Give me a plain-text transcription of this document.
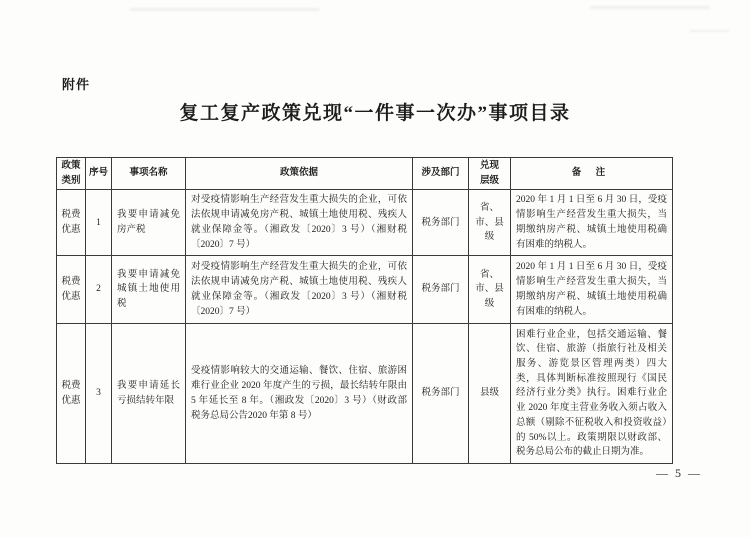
附件
复工复产政策兑现“一件事一次办”事项目录
政策类别	序号	事项名称	政策依据	涉及部门	兑现层级	备 注
税费优惠	1	我要申请减免房产税	对受疫情影响生产经营发生重大损失的企业，可依法依规申请减免房产税、城镇土地使用税、残疾人就业保障金等。（湘政发〔2020〕3 号）（湘财税〔2020〕7 号）	税务部门	省、市、县级	2020 年 1 月 1 日至 6 月 30 日，受疫情影响生产经营发生重大损失，当期缴纳房产税、城镇土地使用税确有困难的纳税人。
税费优惠	2	我要申请减免城镇土地使用税	对受疫情影响生产经营发生重大损失的企业，可依法依规申请减免房产税、城镇土地使用税、残疾人就业保障金等。（湘政发〔2020〕3 号）（湘财税〔2020〕7 号）	税务部门	省、市、县级	2020 年 1 月 1 日至 6 月 30 日，受疫情影响生产经营发生重大损失，当期缴纳房产税、城镇土地使用税确有困难的纳税人。
税费优惠	3	我要申请延长亏损结转年限	受疫情影响较大的交通运输、餐饮、住宿、旅游困难行业企业 2020 年度产生的亏损，最长结转年限由 5 年延长至 8 年。（湘政发〔2020〕3 号）（财政部 税务总局公告2020 年第 8 号）	税务部门	县级	困难行业企业，包括交通运输、餐饮、住宿、旅游（指旅行社及相关服务、游览景区管理两类）四大类，具体判断标准按照现行《国民经济行业分类》执行。困难行业企业 2020 年度主营业务收入须占收入总额（剔除不征税收入和投资收益）的 50%以上。政策期限以财政部、税务总局公布的截止日期为准。
— 5 —
